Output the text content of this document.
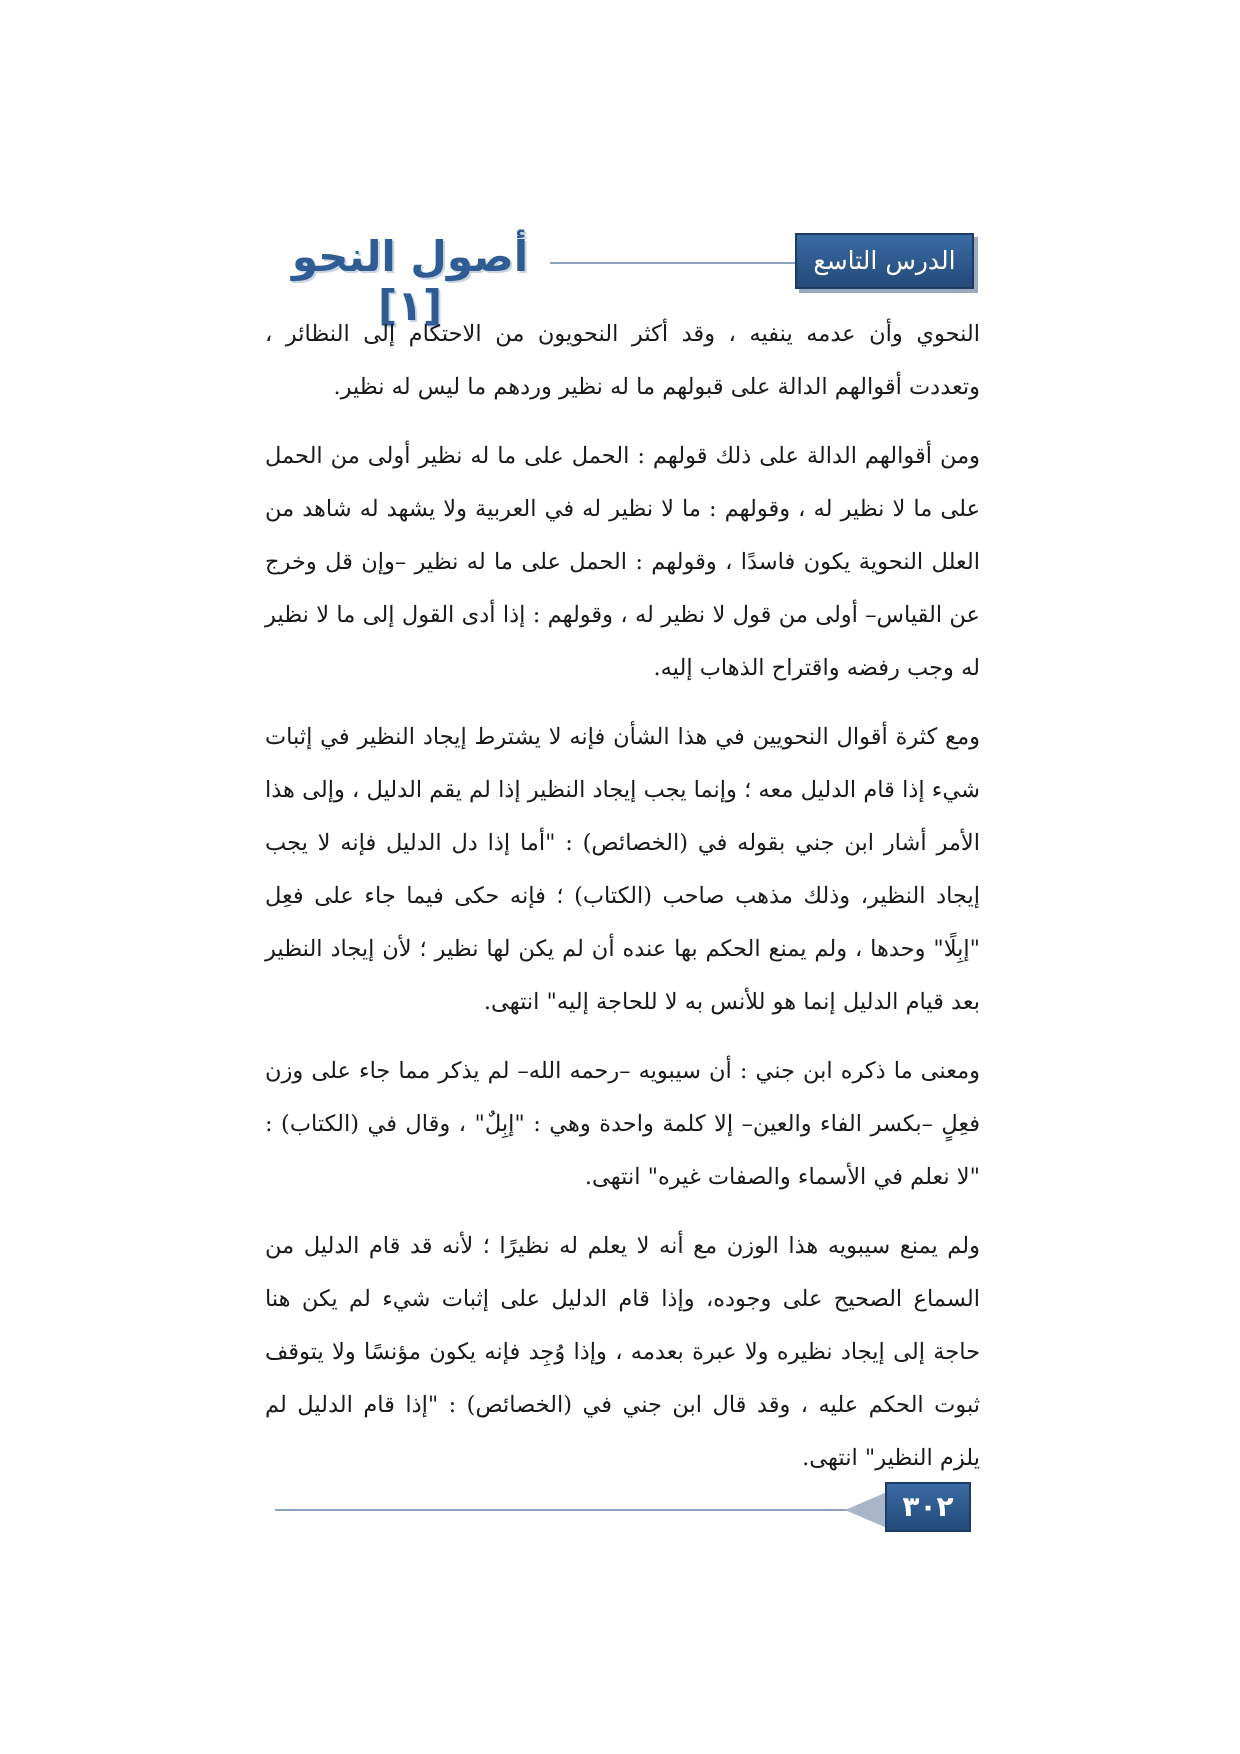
أصول النحو [١]
الدرس التاسع عشر

النحوي وأن عدمه ينفيه ، وقد أكثر النحويون من الاحتكام إلى النظائر ، وتعددت أقوالهم الدالة على قبولهم ما له نظير وردهم ما ليس له نظير.

ومن أقوالهم الدالة على ذلك قولهم : الحمل على ما له نظير أولى من الحمل على ما لا نظير له ، وقولهم : ما لا نظير له في العربية ولا يشهد له شاهد من العلل النحوية يكون فاسدًا ، وقولهم : الحمل على ما له نظير –وإن قل وخرج عن القياس– أولى من قول لا نظير له ، وقولهم : إذا أدى القول إلى ما لا نظير له وجب رفضه واقتراح الذهاب إليه.

ومع كثرة أقوال النحويين في هذا الشأن فإنه لا يشترط إيجاد النظير في إثبات شيء إذا قام الدليل معه ؛ وإنما يجب إيجاد النظير إذا لم يقم الدليل ، وإلى هذا الأمر أشار ابن جني بقوله في (الخصائص) : "أما إذا دل الدليل فإنه لا يجب إيجاد النظير، وذلك مذهب صاحب (الكتاب) ؛ فإنه حكى فيما جاء على فعِل "إبِلًا" وحدها ، ولم يمنع الحكم بها عنده أن لم يكن لها نظير ؛ لأن إيجاد النظير بعد قيام الدليل إنما هو للأنس به لا للحاجة إليه" انتهى.

ومعنى ما ذكره ابن جني : أن سيبويه –رحمه الله– لم يذكر مما جاء على وزن فعِلٍ –بكسر الفاء والعين– إلا كلمة واحدة وهي : "إبِلٌ" ، وقال في (الكتاب) : "لا نعلم في الأسماء والصفات غيره" انتهى.

ولم يمنع سيبويه هذا الوزن مع أنه لا يعلم له نظيرًا ؛ لأنه قد قام الدليل من السماع الصحيح على وجوده، وإذا قام الدليل على إثبات شيء لم يكن هنا حاجة إلى إيجاد نظيره ولا عبرة بعدمه ، وإذا وُجِد فإنه يكون مؤنسًا ولا يتوقف ثبوت الحكم عليه ، وقد قال ابن جني في (الخصائص) : "إذا قام الدليل لم يلزم النظير" انتهى.

٣٠٢
